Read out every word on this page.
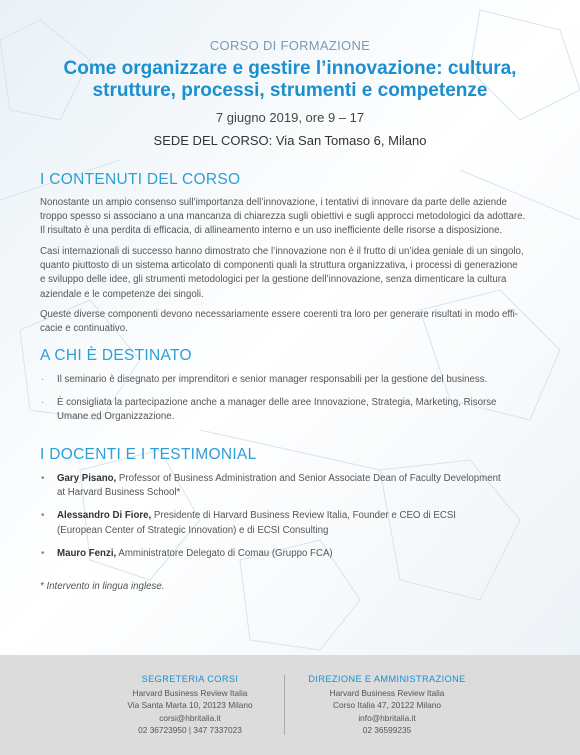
CORSO DI FORMAZIONE
Come organizzare e gestire l’innovazione: cultura,
strutture, processi, strumenti e competenze
7 giugno 2019, ore 9 – 17
SEDE DEL CORSO: Via San Tomaso 6, Milano
I CONTENUTI DEL CORSO
Nonostante un ampio consenso sull’importanza dell’innovazione, i tentativi di innovare da parte delle aziende
troppo spesso si associano a una mancanza di chiarezza sugli obiettivi e sugli approcci metodologici da adottare.
Il risultato è una perdita di efficacia, di allineamento interno e un uso inefficiente delle risorse a disposizione.
Casi internazionali di successo hanno dimostrato che l’innovazione non è il frutto di un’idea geniale di un singolo,
quanto piuttosto di un sistema articolato di componenti quali la struttura organizzativa, i processi di generazione
e sviluppo delle idee, gli strumenti metodologici per la gestione dell’innovazione, senza dimenticare la cultura
aziendale e le competenze dei singoli.
Queste diverse componenti devono necessariamente essere coerenti tra loro per generare risultati in modo effi-
cacie e continuativo.
A CHI È DESTINATO
· Il seminario è disegnato per imprenditori e senior manager responsabili per la gestione del business.
· È consigliata la partecipazione anche a manager delle aree Innovazione, Strategia, Marketing, Risorse
Umane ed Organizzazione.
I DOCENTI E I TESTIMONIAL
• Gary Pisano, Professor of Business Administration and Senior Associate Dean of Faculty Development
at Harvard Business School*
• Alessandro Di Fiore, Presidente di Harvard Business Review Italia, Founder e CEO di ECSI
(European Center of Strategic Innovation) e di ECSI Consulting
• Mauro Fenzi, Amministratore Delegato di Comau (Gruppo FCA)
* Intervento in lingua inglese.
SEGRETERIA CORSI
Harvard Business Review Italia
Via Santa Marta 10, 20123 Milano
corsi@hbritalia.it
02 36723950 | 347 7337023
DIREZIONE E AMMINISTRAZIONE
Harvard Business Review Italia
Corso Italia 47, 20122 Milano
info@hbritalia.it
02 36599235
